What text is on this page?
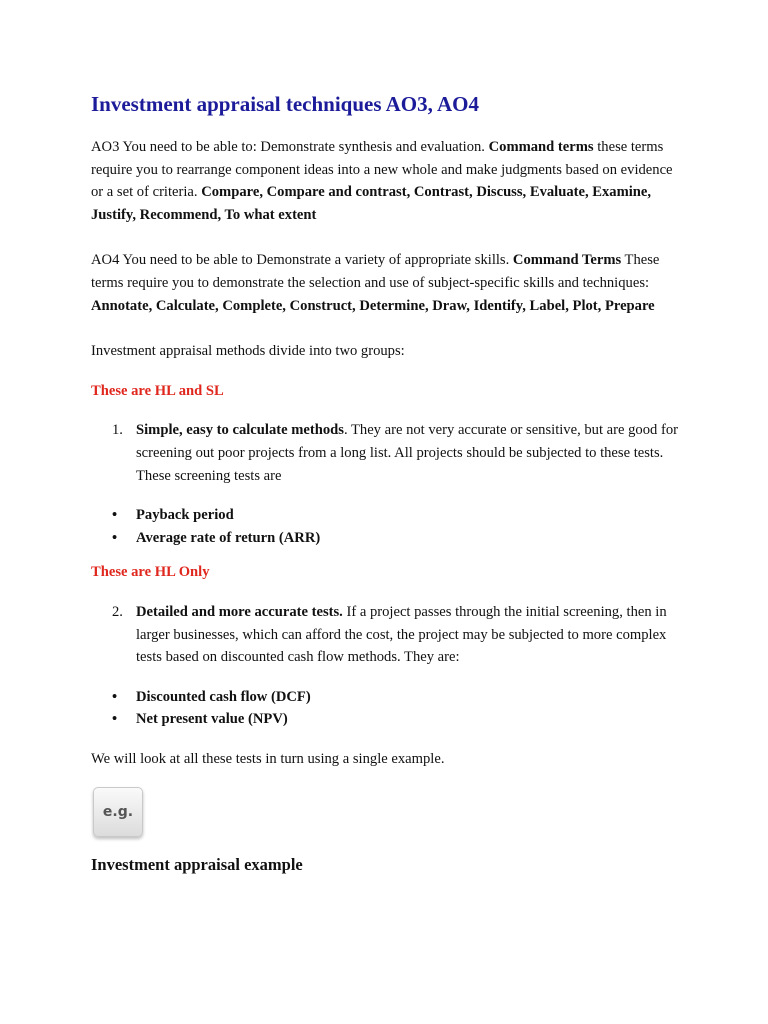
Investment appraisal techniques AO3, AO4

AO3 You need to be able to: Demonstrate synthesis and evaluation. Command terms these terms require you to rearrange component ideas into a new whole and make judgments based on evidence or a set of criteria. Compare, Compare and contrast, Contrast, Discuss, Evaluate, Examine, Justify, Recommend, To what extent

AO4 You need to be able to Demonstrate a variety of appropriate skills. Command Terms These terms require you to demonstrate the selection and use of subject-specific skills and techniques: Annotate, Calculate, Complete, Construct, Determine, Draw, Identify, Label, Plot, Prepare

Investment appraisal methods divide into two groups:

These are HL and SL

1. Simple, easy to calculate methods. They are not very accurate or sensitive, but are good for screening out poor projects from a long list. All projects should be subjected to these tests. These screening tests are
• Payback period
• Average rate of return (ARR)

These are HL Only

2. Detailed and more accurate tests. If a project passes through the initial screening, then in larger businesses, which can afford the cost, the project may be subjected to more complex tests based on discounted cash flow methods. They are:
• Discounted cash flow (DCF)
• Net present value (NPV)

We will look at all these tests in turn using a single example.

e.g.
Investment appraisal example
